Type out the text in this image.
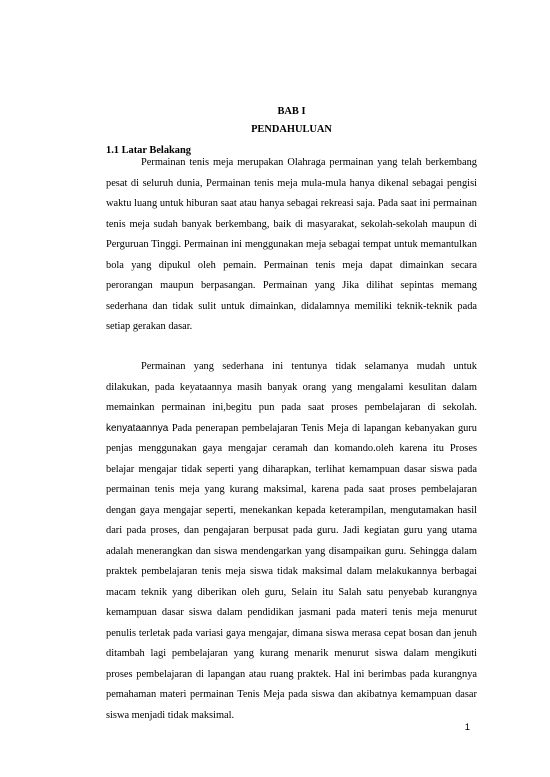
BAB I
PENDAHULUAN
1.1 Latar Belakang

Permainan tenis meja merupakan Olahraga permainan yang telah berkembang pesat di seluruh dunia, Permainan tenis meja mula-mula hanya dikenal sebagai pengisi waktu luang untuk hiburan saat atau hanya sebagai rekreasi saja. Pada saat ini permainan tenis meja sudah banyak berkembang, baik di masyarakat, sekolah-sekolah maupun di Perguruan Tinggi. Permainan ini menggunakan meja sebagai tempat untuk memantulkan bola yang dipukul oleh pemain. Permainan tenis meja dapat dimainkan secara perorangan maupun berpasangan. Permainan yang Jika dilihat sepintas memang sederhana dan tidak sulit untuk dimainkan, didalamnya memiliki teknik-teknik pada setiap gerakan dasar.

Permainan yang sederhana ini tentunya tidak selamanya mudah untuk dilakukan, pada keyataannya masih banyak orang yang mengalami kesulitan dalam memainkan permainan ini,begitu pun pada saat proses pembelajaran di sekolah. kenyataannya Pada penerapan pembelajaran Tenis Meja di lapangan kebanyakan guru penjas menggunakan gaya mengajar ceramah dan komando.oleh karena itu Proses belajar mengajar tidak seperti yang diharapkan, terlihat kemampuan dasar siswa pada permainan tenis meja yang kurang maksimal, karena pada saat proses pembelajaran dengan gaya mengajar seperti, menekankan kepada keterampilan, mengutamakan hasil dari pada proses, dan pengajaran berpusat pada guru. Jadi kegiatan guru yang utama adalah menerangkan dan siswa mendengarkan yang disampaikan guru. Sehingga dalam praktek pembelajaran tenis meja siswa tidak maksimal dalam melakukannya berbagai macam teknik yang diberikan oleh guru, Selain itu Salah satu penyebab kurangnya kemampuan dasar siswa dalam pendidikan jasmani pada materi tenis meja menurut penulis terletak pada variasi gaya mengajar, dimana siswa merasa cepat bosan dan jenuh ditambah lagi pembelajaran yang kurang menarik menurut siswa dalam mengikuti proses pembelajaran di lapangan atau ruang praktek. Hal ini berimbas pada kurangnya pemahaman materi permainan Tenis Meja pada siswa dan akibatnya kemampuan dasar siswa menjadi tidak maksimal.

1
